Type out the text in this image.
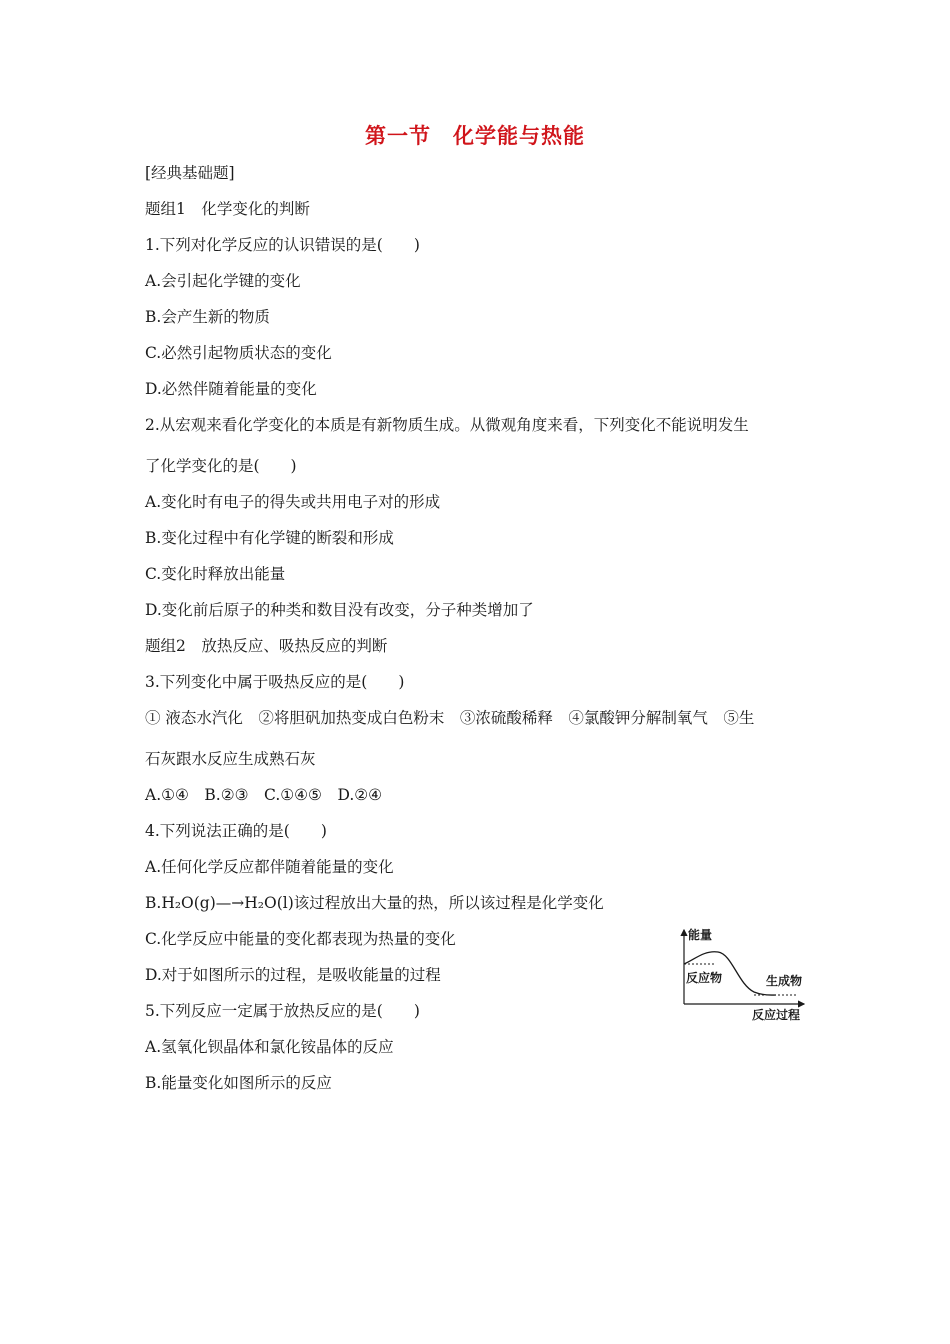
第一节　化学能与热能
[经典基础题]
题组1　化学变化的判断
1.下列对化学反应的认识错误的是(　　)
A.会引起化学键的变化
B.会产生新的物质
C.必然引起物质状态的变化
D.必然伴随着能量的变化
2.从宏观来看化学变化的本质是有新物质生成。从微观角度来看，下列变化不能说明发生
了化学变化的是(　　)
A.变化时有电子的得失或共用电子对的形成
B.变化过程中有化学键的断裂和形成
C.变化时释放出能量
D.变化前后原子的种类和数目没有改变，分子种类增加了
题组2　放热反应、吸热反应的判断
3.下列变化中属于吸热反应的是(　　)
① 液态水汽化　②将胆矾加热变成白色粉末　③浓硫酸稀释　④氯酸钾分解制氧气　⑤生
石灰跟水反应生成熟石灰
A.①④　B.②③　C.①④⑤　D.②④
4.下列说法正确的是(　　)
A.任何化学反应都伴随着能量的变化
B.H₂O(g)—→H₂O(l)该过程放出大量的热，所以该过程是化学变化
C.化学反应中能量的变化都表现为热量的变化
D.对于如图所示的过程，是吸收能量的过程
5.下列反应一定属于放热反应的是(　　)
A.氢氧化钡晶体和氯化铵晶体的反应
B.能量变化如图所示的反应
能量
反应物	生成物
反应过程
